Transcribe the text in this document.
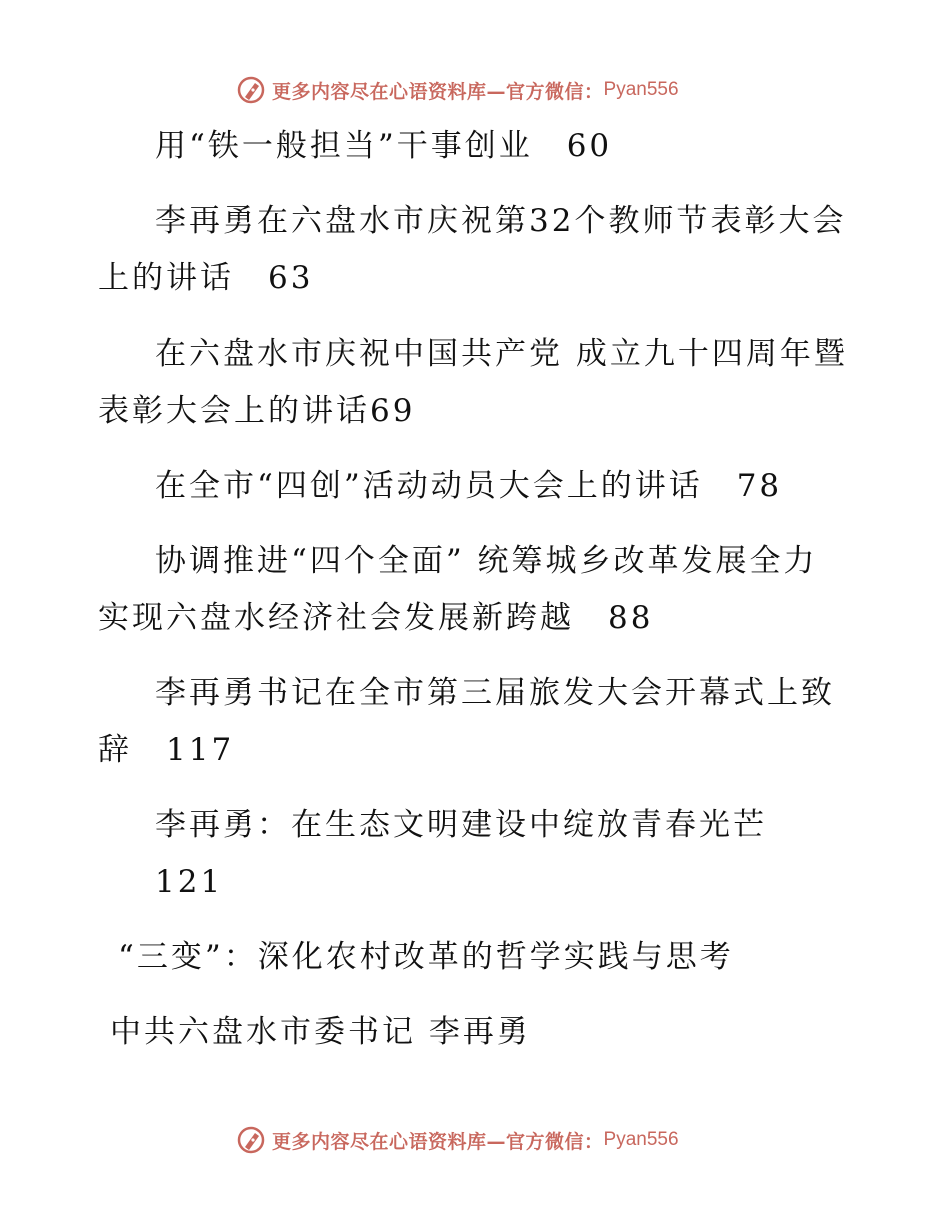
更多内容尽在心语资料库—官方微信： Pyan556
用“铁一般担当”干事创业　60
李再勇在六盘水市庆祝第32个教师节表彰大会
上的讲话　63
在六盘水市庆祝中国共产党 成立九十四周年暨
表彰大会上的讲话69
在全市“四创”活动动员大会上的讲话　78
协调推进“四个全面” 统筹城乡改革发展全力
实现六盘水经济社会发展新跨越　88
李再勇书记在全市第三届旅发大会开幕式上致
辞　117
李再勇：在生态文明建设中绽放青春光芒
121
“三变”：深化农村改革的哲学实践与思考
中共六盘水市委书记 李再勇
更多内容尽在心语资料库—官方微信： Pyan556
